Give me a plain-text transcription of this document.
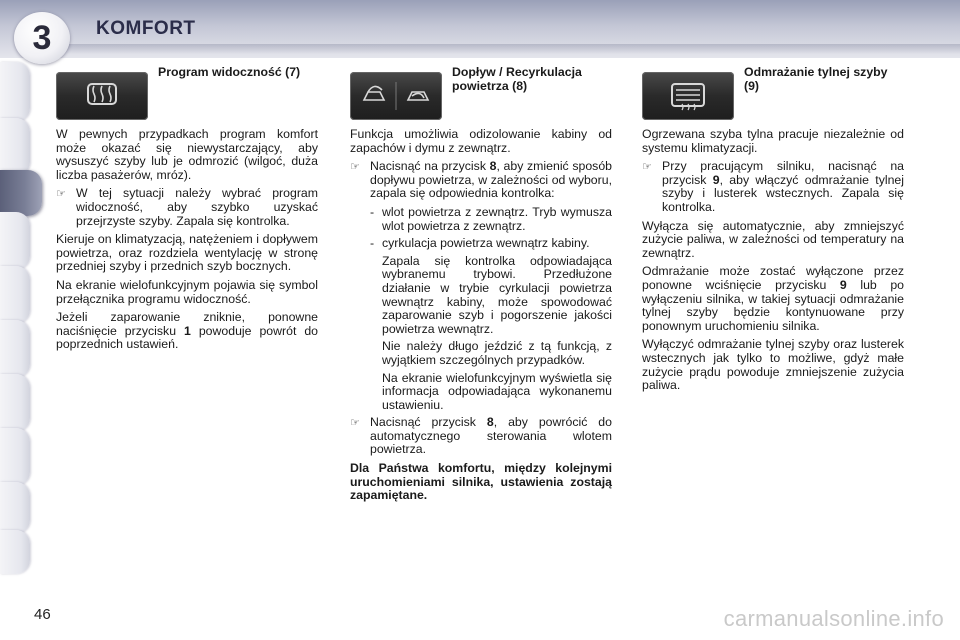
3 KOMFORT
Program widoczność (7)

W pewnych przypadkach program komfort może okazać się niewystarczający, aby wysuszyć szyby lub je odmrozić (wilgoć, duża liczba pasażerów, mróz).

☞ W tej sytuacji należy wybrać program widoczność, aby szybko uzyskać przejrzyste szyby. Zapala się kontrolka.

Kieruje on klimatyzacją, natężeniem i dopływem powietrza, oraz rozdziela wentylację w stronę przedniej szyby i przednich szyb bocznych.

Na ekranie wielofunkcyjnym pojawia się symbol przełącznika programu widoczność.

Jeżeli zaparowanie zniknie, ponowne naciśnięcie przycisku 1 powoduje powrót do poprzednich ustawień.

Dopływ / Recyrkulacja powietrza (8)

Funkcja umożliwia odizolowanie kabiny od zapachów i dymu z zewnątrz.

☞ Nacisnąć na przycisk 8, aby zmienić sposób dopływu powietrza, w zależności od wyboru, zapala się odpowiednia kontrolka:
- wlot powietrza z zewnątrz. Tryb wymusza wlot powietrza z zewnątrz.
- cyrkulacja powietrza wewnątrz kabiny.
Zapala się kontrolka odpowiadająca wybranemu trybowi. Przedłużone działanie w trybie cyrkulacji powietrza wewnątrz kabiny, może spowodować zaparowanie szyb i pogorszenie jakości powietrza wewnątrz.
Nie należy długo jeździć z tą funkcją, z wyjątkiem szczególnych przypadków.
Na ekranie wielofunkcyjnym wyświetla się informacja odpowiadająca wykonanemu ustawieniu.
☞ Nacisnąć przycisk 8, aby powrócić do automatycznego sterowania wlotem powietrza.

Dla Państwa komfortu, między kolejnymi uruchomieniami silnika, ustawienia zostają zapamiętane.

Odmrażanie tylnej szyby (9)

Ogrzewana szyba tylna pracuje niezależnie od systemu klimatyzacji.

☞ Przy pracującym silniku, nacisnąć na przycisk 9, aby włączyć odmrażanie tylnej szyby i lusterek wstecznych. Zapala się kontrolka.

Wyłącza się automatycznie, aby zmniejszyć zużycie paliwa, w zależności od temperatury na zewnątrz.

Odmrażanie może zostać wyłączone przez ponowne wciśnięcie przycisku 9 lub po wyłączeniu silnika, w takiej sytuacji odmrażanie tylnej szyby będzie kontynuowane przy ponownym uruchomieniu silnika.

Wyłączyć odmrażanie tylnej szyby oraz lusterek wstecznych jak tylko to możliwe, gdyż małe zużycie prądu powoduje zmniejszenie zużycia paliwa.

46	carmanualsonline.info
